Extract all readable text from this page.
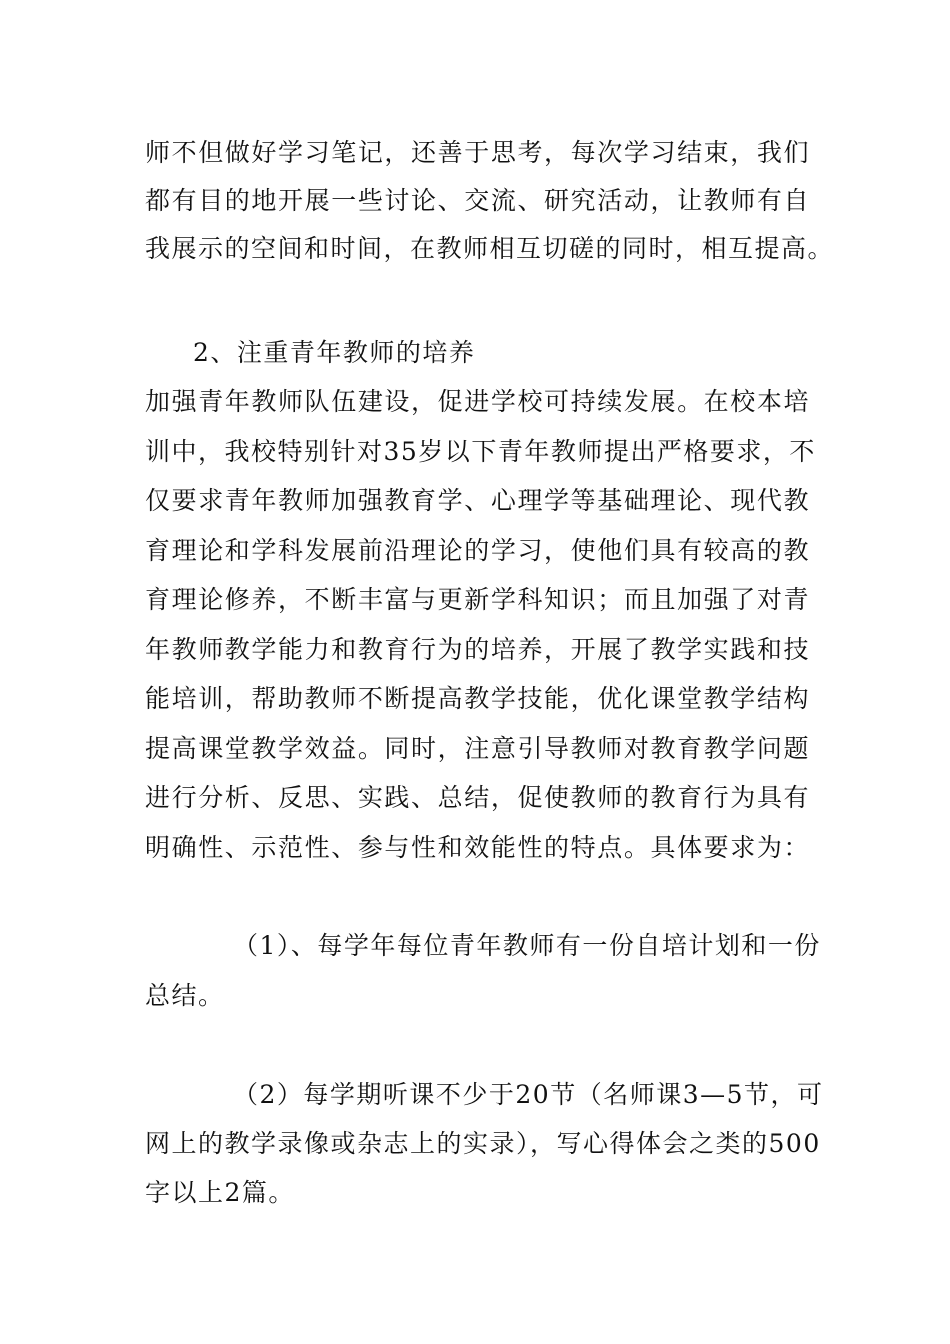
师不但做好学习笔记，还善于思考，每次学习结束，我们
都有目的地开展一些讨论、交流、研究活动，让教师有自
我展示的空间和时间，在教师相互切磋的同时，相互提高。
2、注重青年教师的培养
加强青年教师队伍建设，促进学校可持续发展。在校本培
训中，我校特别针对35岁以下青年教师提出严格要求，不
仅要求青年教师加强教育学、心理学等基础理论、现代教
育理论和学科发展前沿理论的学习，使他们具有较高的教
育理论修养，不断丰富与更新学科知识；而且加强了对青
年教师教学能力和教育行为的培养，开展了教学实践和技
能培训，帮助教师不断提高教学技能，优化课堂教学结构
提高课堂教学效益。同时，注意引导教师对教育教学问题
进行分析、反思、实践、总结，促使教师的教育行为具有
明确性、示范性、参与性和效能性的特点。具体要求为：
（1）、每学年每位青年教师有一份自培计划和一份
总结。
（2）每学期听课不少于20节（名师课3—5节，可
网上的教学录像或杂志上的实录），写心得体会之类的500
字以上2篇。
